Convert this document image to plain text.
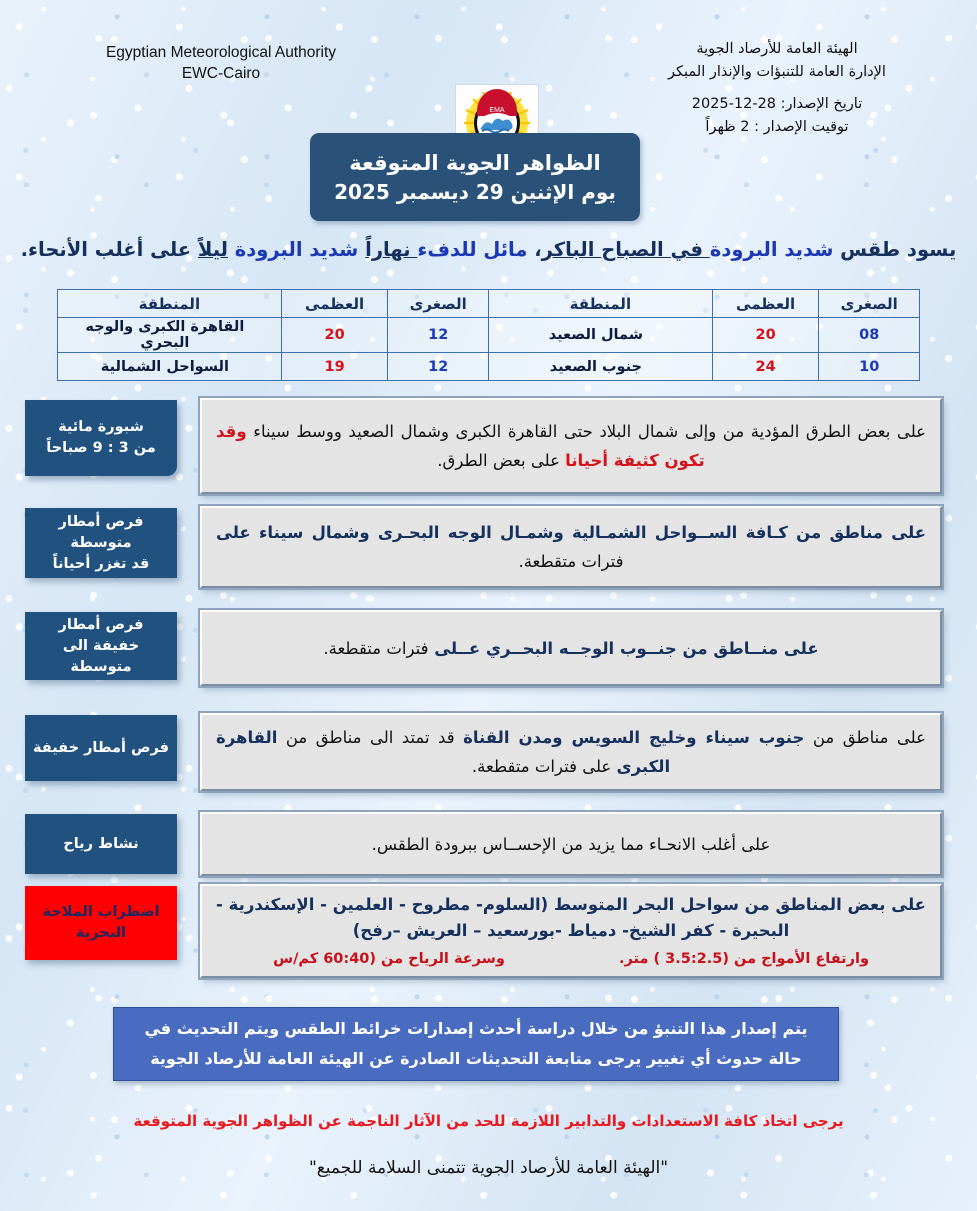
Egyptian Meteorological Authority
EWC-Cairo
EMA
الهيئة العامة للأرصاد الجوية
الإدارة العامة للتنبؤات والإنذار المبكر
تاريخ الإصدار: 28-12-2025
توقيت الإصدار : 2 ظهراً
الظواهر الجوية المتوقعة
يوم الإثنين 29 ديسمبر 2025
يسود طقس شديد البرودة في الصباح الباكر، مائل للدفء نهاراً شديد البرودة ليلاً على أغلب الأنحاء.
الصغرى	العظمى	المنطقة	الصغرى	العظمى	المنطقة
08	20	شمال الصعيد	12	20	القاهرة الكبرى والوجه البحري
10	24	جنوب الصعيد	12	19	السواحل الشمالية

على بعض الطرق المؤدية من وإلى شمال البلاد حتى القاهرة الكبرى وشمال الصعيد ووسط سيناء وقد تكون كثيفة أحيانا على بعض الطرق.

شبورة مائية
من 3 : 9 صباحاً

على مناطق من كـافة الســواحل الشمـالية وشمـال الوجه البحـرى وشمال سيناء على فترات متقطعة.

فرص أمطار متوسطة
قد تغزر أحياناً

على منــاطق من جنــوب الوجــه البحــري عــلى فترات متقطعة.

فرص أمطار
خفيفة الى متوسطة

على مناطق من جنوب سيناء وخليج السويس ومدن القناة قد تمتد الى مناطق من القاهرة الكبرى على فترات متقطعة.

فرص أمطار خفيفة

على أغلب الانحـاء مما يزيد من الإحســاس ببرودة الطقس.

نشاط رياح

على بعض المناطق من سواحل البحر المتوسط (السلوم- مطروح - العلمين - الإسكندرية - البحيرة - كفر الشيخ- دمياط -بورسعيد – العريش –رفح)

وارتفاع الأمواج من (3.5:2.5 ) متر.
وسرعة الرياح من (60:40 كم/س

اضطراب الملاحة
البحرية

يتم إصدار هذا التنبؤ من خلال دراسة أحدث إصدارات خرائط الطقس ويتم التحديث في حالة حدوث أي تغيير يرجى متابعة التحديثات الصادرة عن الهيئة العامة للأرصاد الجوية

يرجى اتخاذ كافة الاستعدادات والتدابير اللازمة للحد من الآثار الناجمة عن الظواهر الجوية المتوقعة
"الهيئة العامة للأرصاد الجوية تتمنى السلامة للجميع"
